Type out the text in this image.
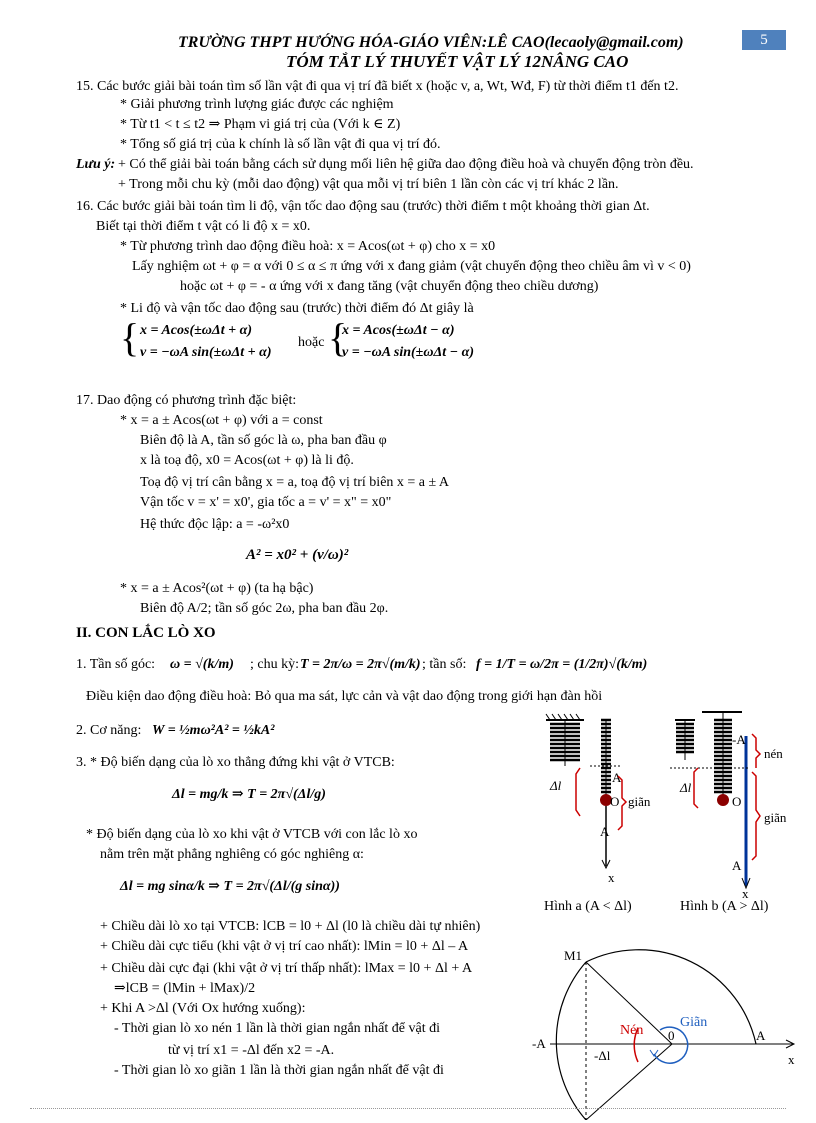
TRƯỜNG THPT HƯỚNG HÓA-GIÁO VIÊN:LÊ CAO(lecaoly@gmail.com)
TÓM TẮT LÝ THUYẾT VẬT LÝ 12NÂNG CAO
5
15. Các bước giải bài toán tìm số lần vật đi qua vị trí đã biết x (hoặc v, a, Wt, Wđ, F) từ thời điểm t1 đến t2.
* Giải phương trình lượng giác được các nghiệm
* Từ t1 < t ≤ t2 ⇒ Phạm vi giá trị của (Với k ∈ Z)
* Tổng số giá trị của k chính là số lần vật đi qua vị trí đó.
Lưu ý: + Có thể giải bài toán bằng cách sử dụng mối liên hệ giữa dao động điều hoà và chuyển động tròn đều.
+ Trong mỗi chu kỳ (mỗi dao động) vật qua mỗi vị trí biên 1 lần còn các vị trí khác 2 lần.
16. Các bước giải bài toán tìm li độ, vận tốc dao động sau (trước) thời điểm t một khoảng thời gian Δt.
Biết tại thời điểm t vật có li độ x = x0.
* Từ phương trình dao động điều hoà: x = Acos(ωt + φ) cho x = x0
Lấy nghiệm ωt + φ = α với 0 ≤ α ≤ π ứng với x đang giảm (vật chuyển động theo chiều âm vì v < 0)
hoặc ωt + φ = - α ứng với x đang tăng (vật chuyển động theo chiều dương)
* Li độ và vận tốc dao động sau (trước) thời điểm đó Δt giây là
{ x = Acos(±ωΔt + α)
v = −ωA sin(±ωΔt + α)
hoặc {
x = Acos(±ωΔt − α)
v = −ωA sin(±ωΔt − α)
17. Dao động có phương trình đặc biệt:
* x = a ± Acos(ωt + φ) với a = const
Biên độ là A, tần số góc là ω, pha ban đầu φ
x là toạ độ, x0 = Acos(ωt + φ) là li độ.
Toạ độ vị trí cân bằng x = a, toạ độ vị trí biên x = a ± A
Vận tốc v = x' = x0', gia tốc a = v' = x" = x0"
Hệ thức độc lập: a = -ω²x0
A² = x0² + (v/ω)²
* x = a ± Acos²(ωt + φ) (ta hạ bậc)
Biên độ A/2; tần số góc 2ω, pha ban đầu 2φ.
II. CON LẮC LÒ XO
1. Tần số góc: ω = √(k/m) ; chu kỳ: T = 2π/ω = 2π√(m/k) ; tần số: f = 1/T = ω/2π = (1/2π)√(k/m)
Điều kiện dao động điều hoà: Bỏ qua ma sát, lực cản và vật dao động trong giới hạn đàn hồi
2. Cơ năng: W = ½mω²A² = ½kA²
3. * Độ biến dạng của lò xo thẳng đứng khi vật ở VTCB:
Δl = mg/k ⇒ T = 2π√(Δl/g)
* Độ biến dạng của lò xo khi vật ở VTCB với con lắc lò xo
nằm trên mặt phẳng nghiêng có góc nghiêng α:
Δl = mg sinα/k ⇒ T = 2π√(Δl/(g sinα))
+ Chiều dài lò xo tại VTCB: lCB = l0 + Δl (l0 là chiều dài tự nhiên)
+ Chiều dài cực tiểu (khi vật ở vị trí cao nhất): lMin = l0 + Δl – A
+ Chiều dài cực đại (khi vật ở vị trí thấp nhất): lMax = l0 + Δl + A
⇒lCB = (lMin + lMax)/2
+ Khi A >Δl (Với Ox hướng xuống):
- Thời gian lò xo nén 1 lần là thời gian ngắn nhất để vật đi
từ vị trí x1 = -Δl đến x2 = -A.
- Thời gian lò xo giãn 1 lần là thời gian ngắn nhất để vật đi
Δl
A
O
A
giãn
x
Δl
-A
O
A
nén
giãn
x
Hình a (A < Δl)	Hình b (A > Δl)
M1
Nén
Giãn
0
-A
A
x
-Δl
